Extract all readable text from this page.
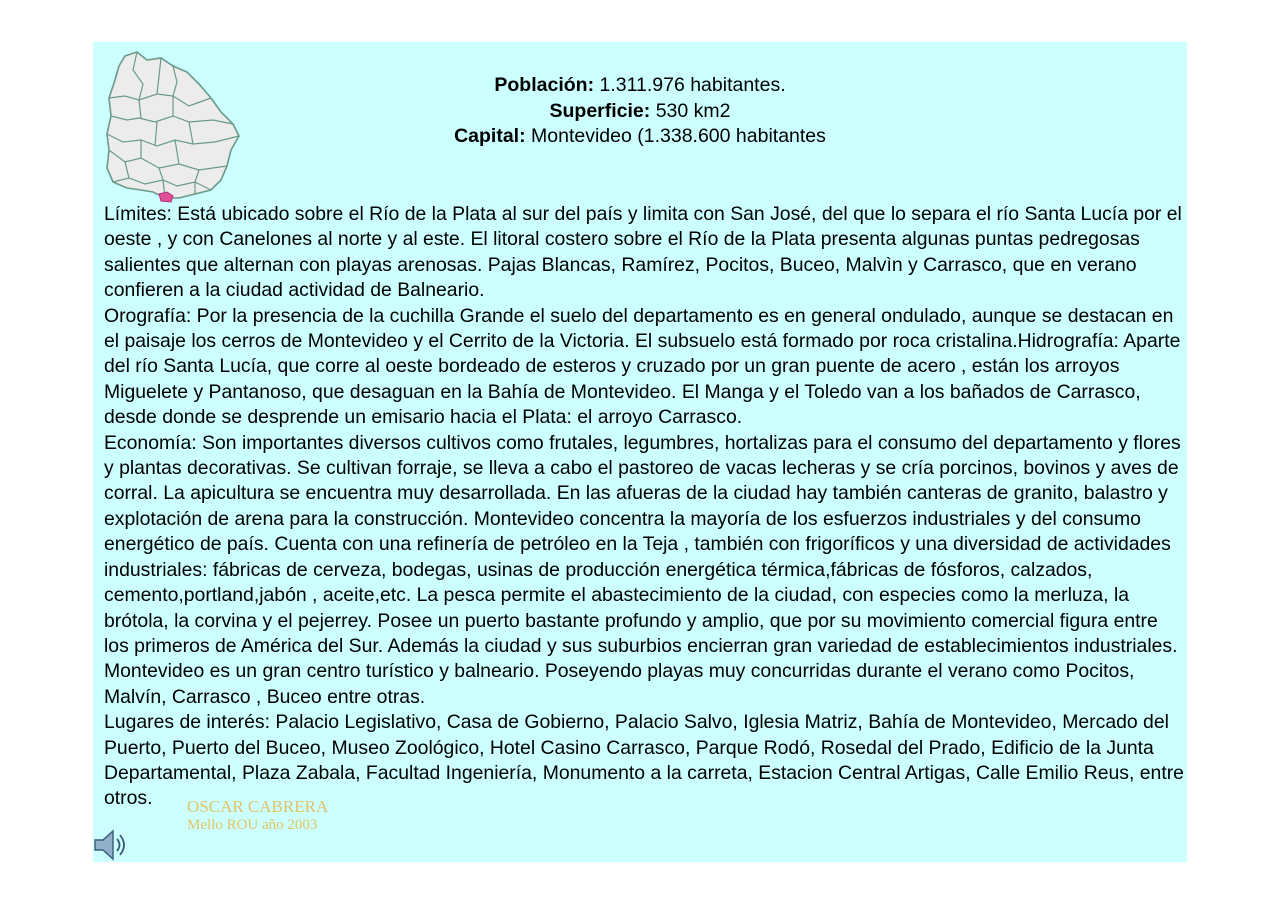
Población: 1.311.976 habitantes.
Superficie: 530 km2
Capital: Montevideo (1.338.600 habitantes

Límites: Está ubicado sobre el Río de la Plata al sur del país y limita con San José, del que lo separa el río Santa Lucía por el oeste , y con Canelones al norte y al este. El litoral costero sobre el Río de la Plata presenta algunas puntas pedregosas salientes que alternan con playas arenosas. Pajas Blancas, Ramírez, Pocitos, Buceo, Malvìn y Carrasco, que en verano confieren a la ciudad actividad de Balneario.

Orografía: Por la presencia de la cuchilla Grande el suelo del departamento es en general ondulado, aunque se destacan en el paisaje los cerros de Montevideo y el Cerrito de la Victoria. El subsuelo está formado por roca cristalina.Hidrografía: Aparte del río Santa Lucía, que corre al oeste bordeado de esteros y cruzado por un gran puente de acero , están los arroyos Miguelete y Pantanoso, que desaguan en la Bahía de Montevideo. El Manga y el Toledo van a los bañados de Carrasco, desde donde se desprende un emisario hacia el Plata: el arroyo Carrasco.

Economía: Son importantes diversos cultivos como frutales, legumbres, hortalizas para el consumo del departamento y flores y plantas decorativas. Se cultivan forraje, se lleva a cabo el pastoreo de vacas lecheras y se cría porcinos, bovinos y aves de corral. La apicultura se encuentra muy desarrollada. En las afueras de la ciudad hay también canteras de granito, balastro y explotación de arena para la construcción. Montevideo concentra la mayoría de los esfuerzos industriales y del consumo energético de país. Cuenta con una refinería de petróleo en la Teja , también con frigoríficos y una diversidad de actividades industriales: fábricas de cerveza, bodegas, usinas de producción energética térmica,fábricas de fósforos, calzados, cemento,portland,jabón , aceite,etc. La pesca permite el abastecimiento de la ciudad, con especies como la merluza, la brótola, la corvina y el pejerrey. Posee un puerto bastante profundo y amplio, que por su movimiento comercial figura entre los primeros de América del Sur. Además la ciudad y sus suburbios encierran gran variedad de establecimientos industriales. Montevideo es un gran centro turístico y balneario. Poseyendo playas muy concurridas durante el verano como Pocitos, Malvín, Carrasco , Buceo entre otras.

Lugares de interés: Palacio Legislativo, Casa de Gobierno, Palacio Salvo, Iglesia Matriz, Bahía de Montevideo, Mercado del Puerto, Puerto del Buceo, Museo Zoológico, Hotel Casino Carrasco, Parque Rodó, Rosedal del Prado, Edificio de la Junta Departamental, Plaza Zabala, Facultad Ingeniería, Monumento a la carreta, Estacion Central Artigas, Calle Emilio Reus, entre otros.	OSCAR CABRERA
Mello ROU año 2003
